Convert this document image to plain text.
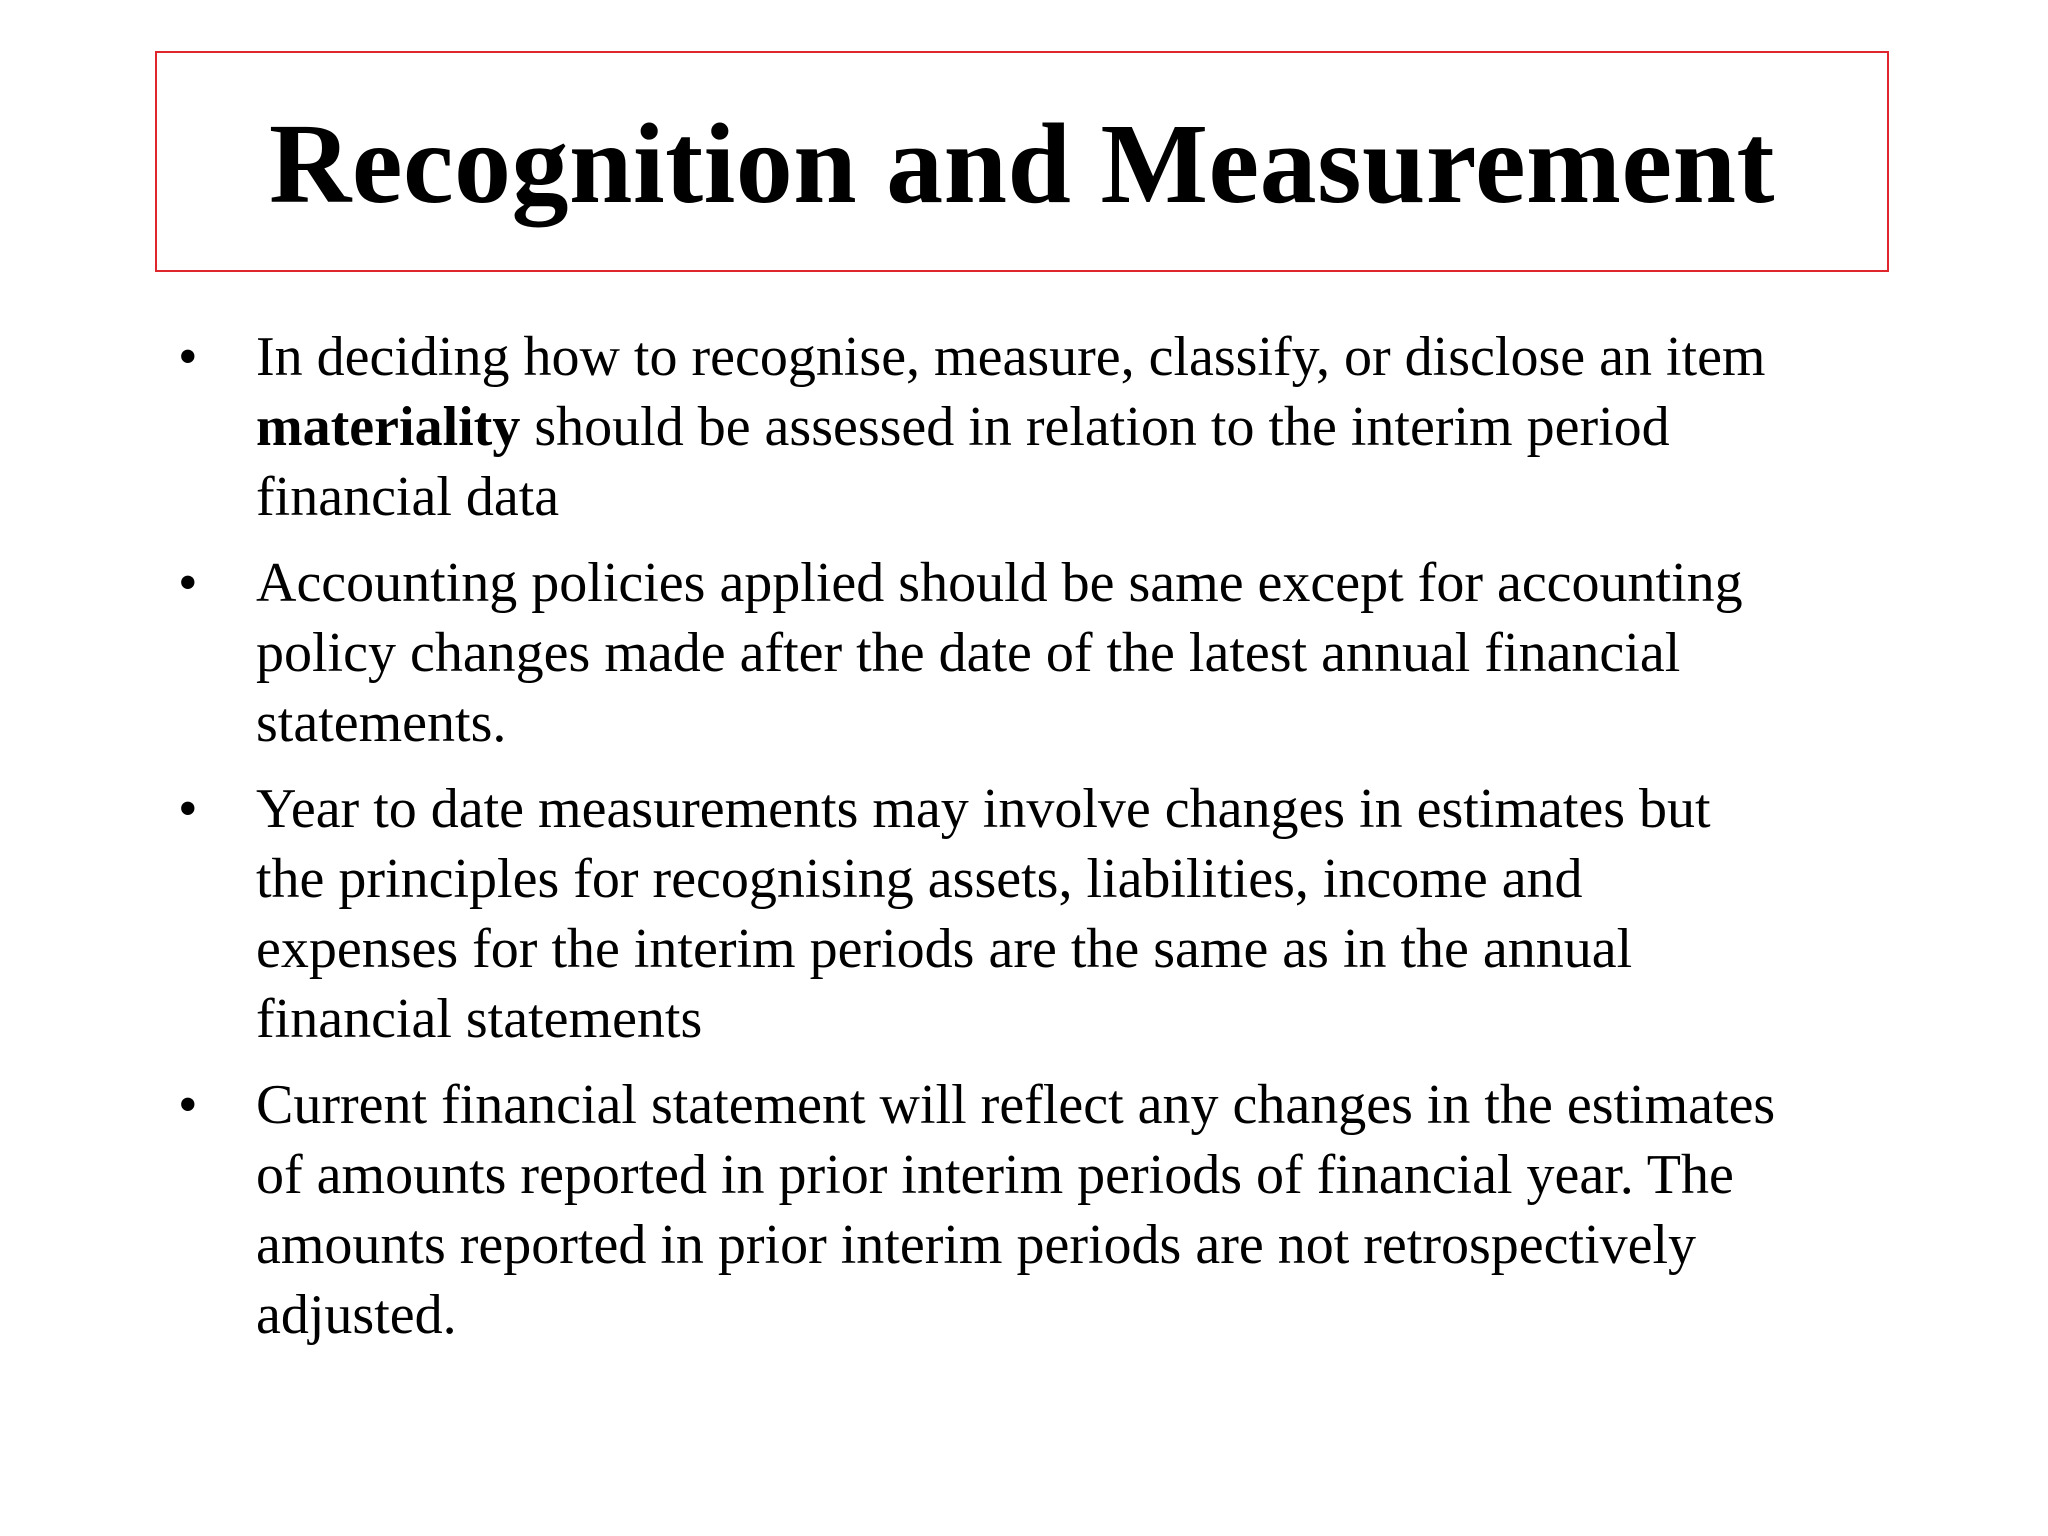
Recognition and Measurement
•	In deciding how to recognise, measure, classify, or disclose an item
materiality should be assessed in relation to the interim period
financial data
•	Accounting policies applied should be same except for accounting
policy changes made after the date of the latest annual financial
statements.
•	Year to date measurements may involve changes in estimates but
the principles for recognising assets, liabilities, income and
expenses for the interim periods are the same as in the annual
financial statements
•	Current financial statement will reflect any changes in the estimates
of amounts reported in prior interim periods of financial year. The
amounts reported in prior interim periods are not retrospectively
adjusted.
